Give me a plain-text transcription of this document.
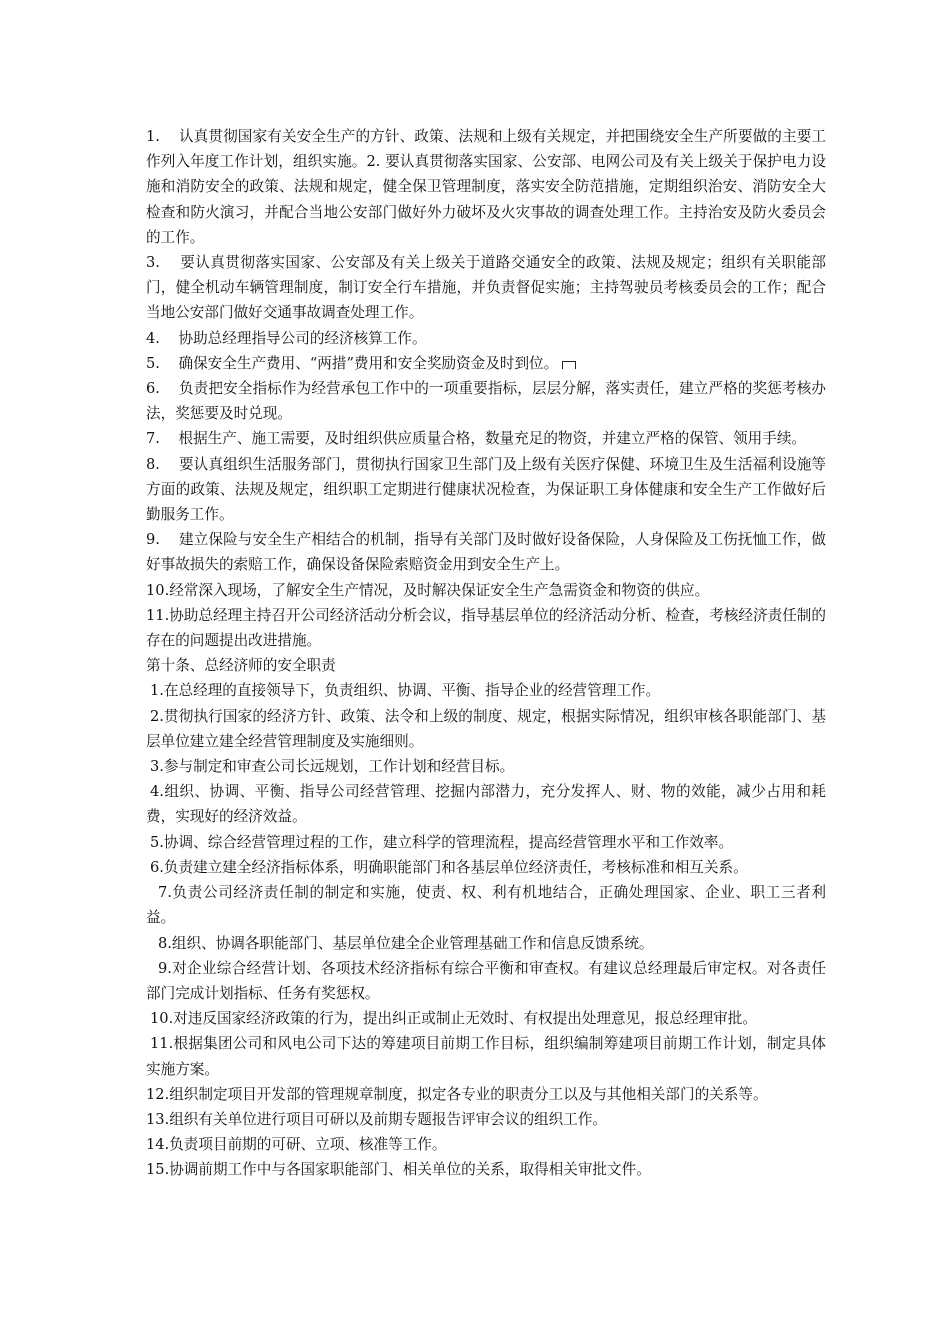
1.    认真贯彻国家有关安全生产的方针、政策、法规和上级有关规定，并把围绕安全生产所要做的主要工作列入年度工作计划，组织实施。2. 要认真贯彻落实国家、公安部、电网公司及有关上级关于保护电力设施和消防安全的政策、法规和规定，健全保卫管理制度，落实安全防范措施，定期组织治安、消防安全大检查和防火演习，并配合当地公安部门做好外力破坏及火灾事故的调查处理工作。主持治安及防火委员会的工作。

3.    要认真贯彻落实国家、公安部及有关上级关于道路交通安全的政策、法规及规定；组织有关职能部门，健全机动车辆管理制度，制订安全行车措施，并负责督促实施；主持驾驶员考核委员会的工作；配合当地公安部门做好交通事故调查处理工作。

4.    协助总经理指导公司的经济核算工作。

5.    确保安全生产费用、“两措”费用和安全奖励资金及时到位。

6.    负责把安全指标作为经营承包工作中的一项重要指标，层层分解，落实责任，建立严格的奖惩考核办法，奖惩要及时兑现。

7.    根据生产、施工需要，及时组织供应质量合格，数量充足的物资，并建立严格的保管、领用手续。

8.    要认真组织生活服务部门，贯彻执行国家卫生部门及上级有关医疗保健、环境卫生及生活福利设施等方面的政策、法规及规定，组织职工定期进行健康状况检查，为保证职工身体健康和安全生产工作做好后勤服务工作。

9.    建立保险与安全生产相结合的机制，指导有关部门及时做好设备保险，人身保险及工伤抚恤工作，做好事故损失的索赔工作，确保设备保险索赔资金用到安全生产上。

10.经常深入现场，了解安全生产情况，及时解决保证安全生产急需资金和物资的供应。

11.协助总经理主持召开公司经济活动分析会议，指导基层单位的经济活动分析、检查，考核经济责任制的存在的问题提出改进措施。

第十条、总经济师的安全职责

1.在总经理的直接领导下，负责组织、协调、平衡、指导企业的经营管理工作。

2.贯彻执行国家的经济方针、政策、法令和上级的制度、规定，根据实际情况，组织审核各职能部门、基层单位建立建全经营管理制度及实施细则。

3.参与制定和审查公司长远规划，工作计划和经营目标。

4.组织、协调、平衡、指导公司经营管理、挖掘内部潜力，充分发挥人、财、物的效能，减少占用和耗费，实现好的经济效益。

5.协调、综合经营管理过程的工作，建立科学的管理流程，提高经营管理水平和工作效率。

6.负责建立建全经济指标体系，明确职能部门和各基层单位经济责任，考核标准和相互关系。

7.负责公司经济责任制的制定和实施，使责、权、利有机地结合，正确处理国家、企业、职工三者利益。

8.组织、协调各职能部门、基层单位建全企业管理基础工作和信息反馈系统。

9.对企业综合经营计划、各项技术经济指标有综合平衡和审查权。有建议总经理最后审定权。对各责任部门完成计划指标、任务有奖惩权。

10.对违反国家经济政策的行为，提出纠正或制止无效时、有权提出处理意见，报总经理审批。

11.根据集团公司和风电公司下达的筹建项目前期工作目标，组织编制筹建项目前期工作计划，制定具体实施方案。

12.组织制定项目开发部的管理规章制度，拟定各专业的职责分工以及与其他相关部门的关系等。

13.组织有关单位进行项目可研以及前期专题报告评审会议的组织工作。

14.负责项目前期的可研、立项、核准等工作。

15.协调前期工作中与各国家职能部门、相关单位的关系，取得相关审批文件。
